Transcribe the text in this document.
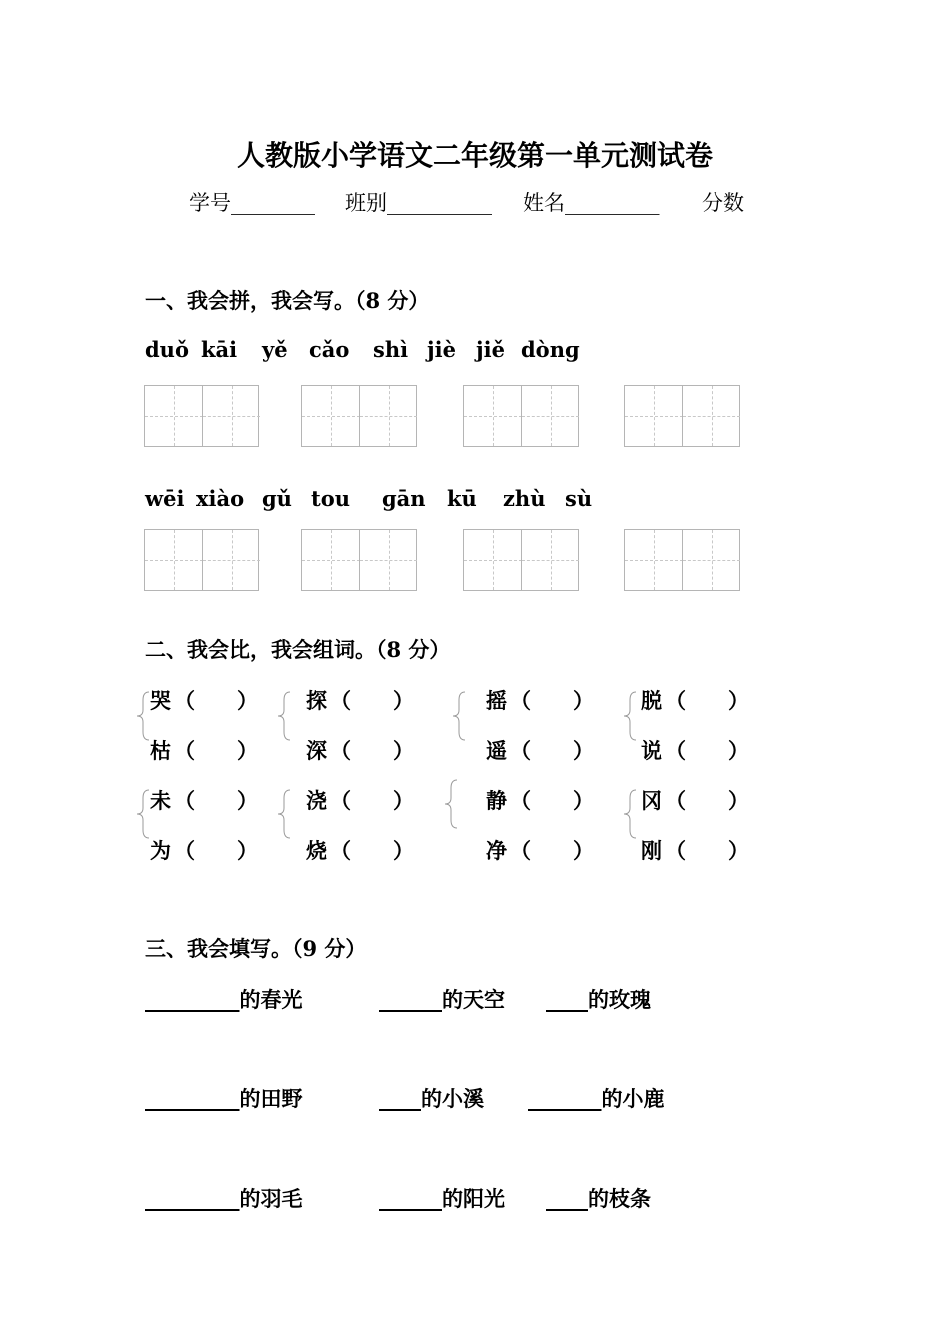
人教版小学语文二年级第一单元测试卷
学号________ 班别__________ 姓名_________ 分数
一、我会拼，我会写。（8 分）
duǒ kāi yě cǎo shì jiè jiě dònɡ
wēi xiào ɡǔ tou ɡān kū zhù sù
二、我会比，我会组词。（8 分）
哭 （　　） 探 （　　）	摇 （　　） 脱 （　　）
枯 （　　） 深 （　　）	遥 （　　） 说 （　　）
未 （　　） 浇 （　　）	静 （　　） 冈 （　　）
为 （　　） 烧 （　　）	净 （　　） 刚 （　　）
三、我会填写。（9 分）
_________的春光	______的天空 ____的玫瑰
_________的田野	____的小溪 _______的小鹿
_________的羽毛	______的阳光 ____的枝条
